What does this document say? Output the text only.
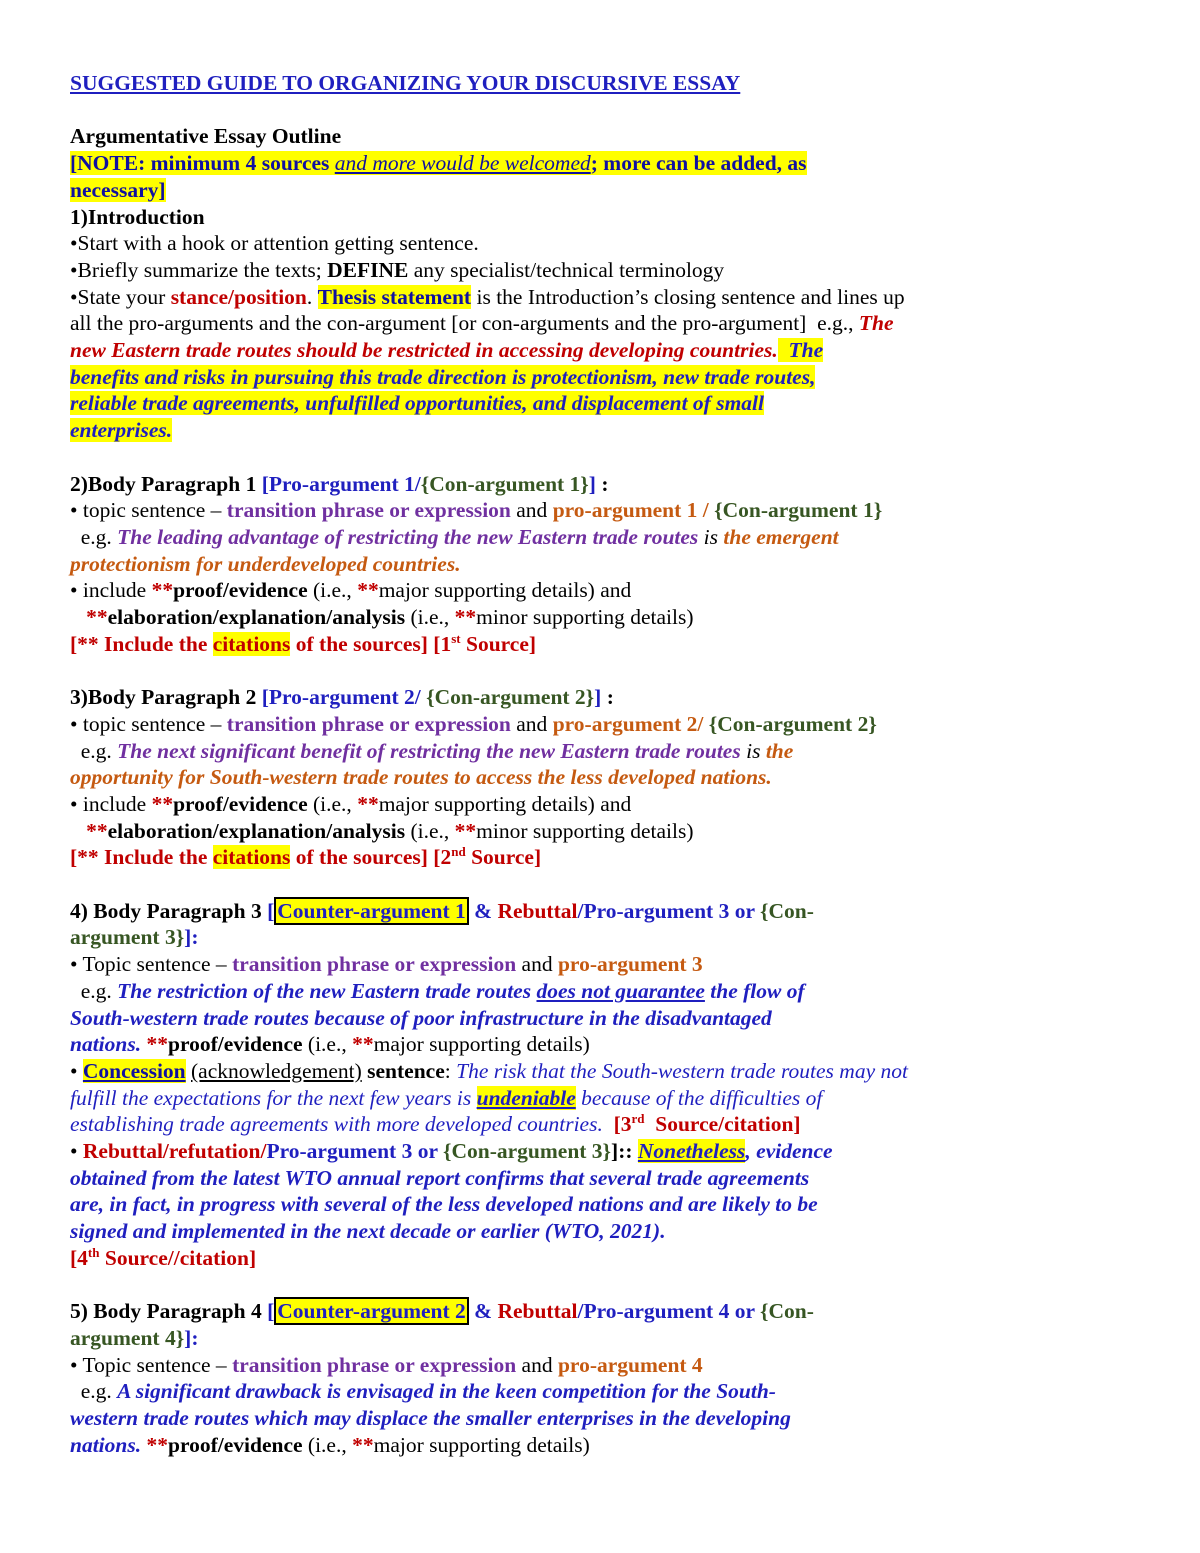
SUGGESTED GUIDE TO ORGANIZING YOUR DISCURSIVE ESSAY
Argumentative Essay Outline
[NOTE: minimum 4 sources and more would be welcomed; more can be added, as
necessary]
1)Introduction
•Start with a hook or attention getting sentence.
•Briefly summarize the texts; DEFINE any specialist/technical terminology
•State your stance/position. Thesis statement is the Introduction’s closing sentence and lines up
all the pro-arguments and the con-argument [or con-arguments and the pro-argument]  e.g., The
new Eastern trade routes should be restricted in accessing developing countries. The
benefits and risks in pursuing this trade direction is protectionism, new trade routes,
reliable trade agreements, unfulfilled opportunities, and displacement of small
enterprises.
2)Body Paragraph 1 [Pro-argument 1/{Con-argument 1}] :
• topic sentence – transition phrase or expression and pro-argument 1 / {Con-argument 1}
e.g. The leading advantage of restricting the new Eastern trade routes is the emergent
protectionism for underdeveloped countries.
• include **proof/evidence (i.e., **major supporting details) and
**elaboration/explanation/analysis (i.e., **minor supporting details)
[** Include the citations of the sources] [1st Source]
3)Body Paragraph 2 [Pro-argument 2/ {Con-argument 2}] :
• topic sentence – transition phrase or expression and pro-argument 2/ {Con-argument 2}
e.g. The next significant benefit of restricting the new Eastern trade routes is the
opportunity for South-western trade routes to access the less developed nations.
• include **proof/evidence (i.e., **major supporting details) and
**elaboration/explanation/analysis (i.e., **minor supporting details)
[** Include the citations of the sources] [2nd Source]
4) Body Paragraph 3 [ Counter-argument 1 & Rebuttal/Pro-argument 3 or {Con-
argument 3}]:
• Topic sentence – transition phrase or expression and pro-argument 3
e.g. The restriction of the new Eastern trade routes does not guarantee the flow of
South-western trade routes because of poor infrastructure in the disadvantaged
nations. **proof/evidence (i.e., **major supporting details)
• Concession (acknowledgement) sentence: The risk that the South-western trade routes may not
fulfill the expectations for the next few years is undeniable because of the difficulties of
establishing trade agreements with more developed countries.  [3rd  Source/citation]
• Rebuttal/refutation/Pro-argument 3 or {Con-argument 3}]:: Nonetheless, evidence
obtained from the latest WTO annual report confirms that several trade agreements
are, in fact, in progress with several of the less developed nations and are likely to be
signed and implemented in the next decade or earlier (WTO, 2021).
[4th Source//citation]
5) Body Paragraph 4 [ Counter-argument 2 & Rebuttal/Pro-argument 4 or {Con-
argument 4}]:
• Topic sentence – transition phrase or expression and pro-argument 4
e.g. A significant drawback is envisaged in the keen competition for the South-
western trade routes which may displace the smaller enterprises in the developing
nations. **proof/evidence (i.e., **major supporting details)
